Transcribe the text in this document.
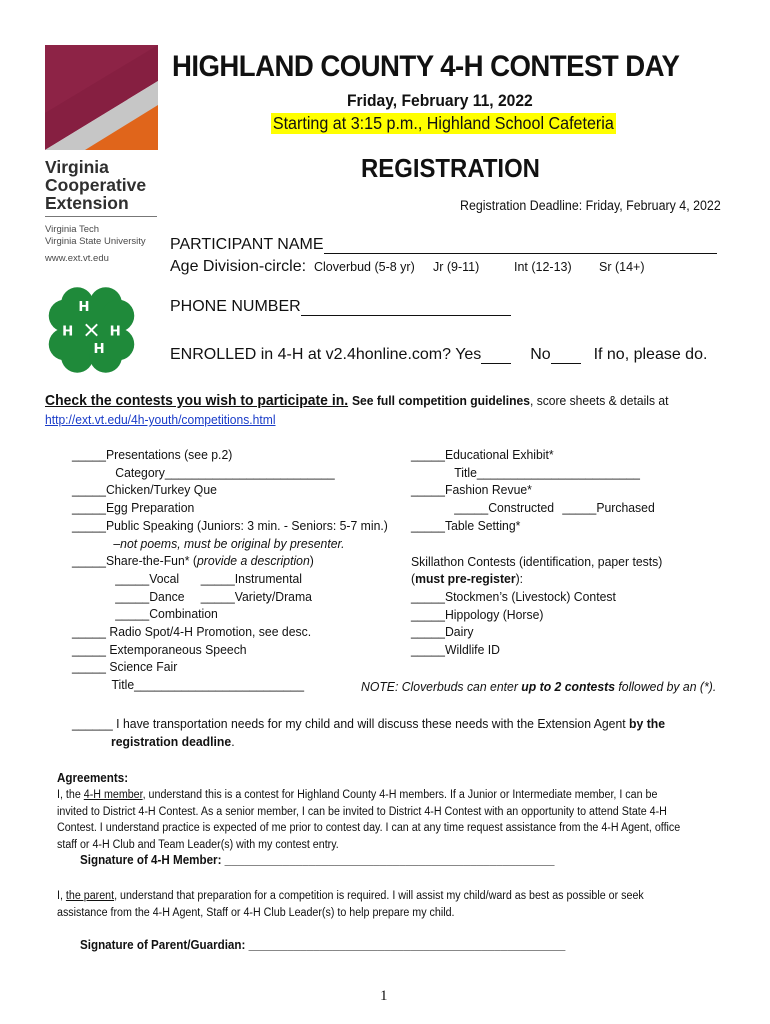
Virginia
Cooperative
Extension
Virginia Tech
Virginia State University
www.ext.vt.edu
H
H
H	H
HIGHLAND COUNTY 4-H CONTEST DAY
Friday, February 11, 2022
Starting at 3:15 p.m., Highland School Cafeteria
REGISTRATION
Registration Deadline: Friday, February 4, 2022
PARTICIPANT NAME
Age Division-circle: Cloverbud (5-8 yr) Jr (9-11)	Int (12-13) Sr (14+)
PHONE NUMBER
ENROLLED in 4-H at v2.4honline.com? Yes	No	If no, please do.
Check the contests you wish to participate in. See full competition guidelines, score sheets & details at
http://ext.vt.edu/4h-youth/competitions.html
_____Presentations (see p.2)
Category_________________________
_____Chicken/Turkey Que
_____Egg Preparation
_____Public Speaking (Juniors: 3 min. - Seniors: 5-7 min.)
–not poems, must be original by presenter.
_____Share-the-Fun* (provide a description)
_____Vocal _____Instrumental
_____Dance _____Variety/Drama
_____Combination
_____ Radio Spot/4-H Promotion, see desc.
_____ Extemporaneous Speech
_____ Science Fair
Title_________________________
_____Educational Exhibit*
Title________________________
_____Fashion Revue*
_____Constructed _____Purchased
_____Table Setting*
Skillathon Contests (identification, paper tests)
(must pre-register):
_____Stockmen’s (Livestock) Contest
_____Hippology (Horse)
_____Dairy
_____Wildlife ID
NOTE: Cloverbuds can enter up to 2 contests followed by an (*).
______ I have transportation needs for my child and will discuss these needs with the Extension Agent by the
registration deadline.
Agreements:
I, the 4-H member, understand this is a contest for Highland County 4-H members. If a Junior or Intermediate member, I can be invited to District 4-H Contest. As a senior member, I can be invited to District 4-H Contest with an opportunity to attend State 4-H Contest. I understand practice is expected of me prior to contest day. I can at any time request assistance from the 4-H Agent, office staff or 4-H Club and Team Leader(s) with my contest entry.
Signature of 4-H Member: ___________________________________________________
I, the parent, understand that preparation for a competition is required. I will assist my child/ward as best as possible or seek assistance from the 4-H Agent, Staff or 4-H Club Leader(s) to help prepare my child.
Signature of Parent/Guardian: _________________________________________________
1
